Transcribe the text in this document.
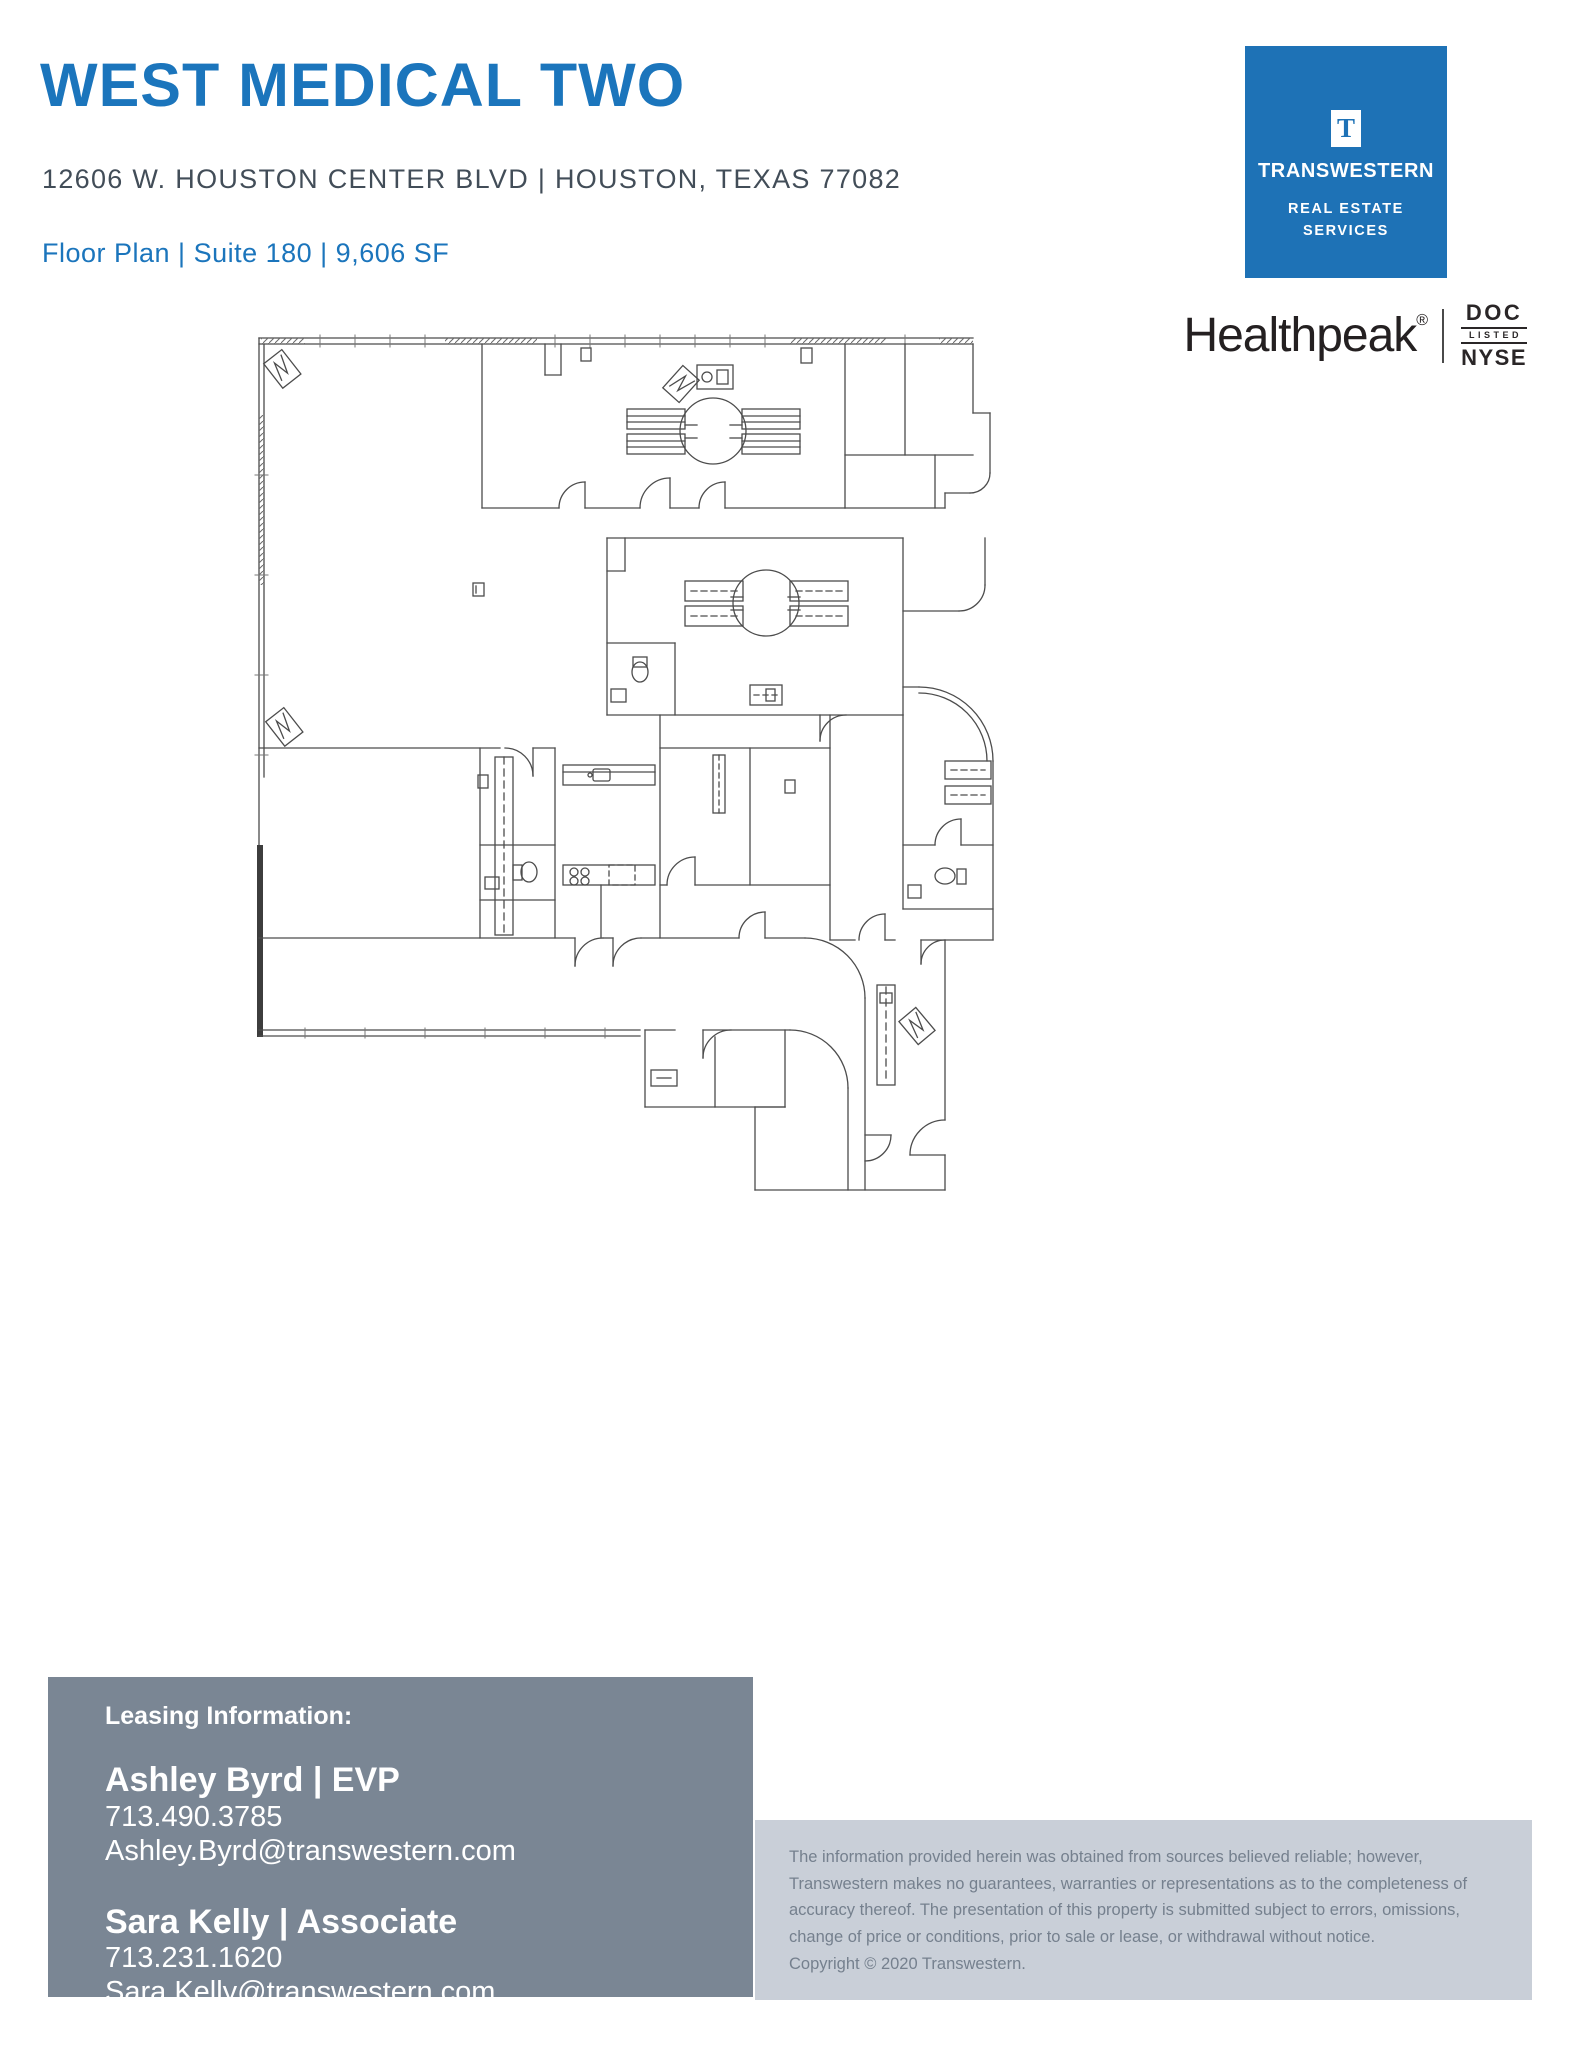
WEST MEDICAL TWO
12606 W. HOUSTON CENTER BLVD | HOUSTON, TEXAS 77082
Floor Plan | Suite 180 | 9,606 SF
T
TRANSWESTERN
REAL ESTATE
SERVICES
Healthpeak® DOC
LISTED
NYSE
Leasing Information:
Ashley Byrd | EVP
713.490.3785
Ashley.Byrd@transwestern.com
Sara Kelly | Associate
713.231.1620
Sara.Kelly@transwestern.com
The information provided herein was obtained from sources believed reliable; however, Transwestern makes no guarantees, warranties or representations as to the completeness of accuracy thereof. The presentation of this property is submitted subject to errors, omissions, change of price or conditions, prior to sale or lease, or withdrawal without notice.
Copyright © 2020 Transwestern.
